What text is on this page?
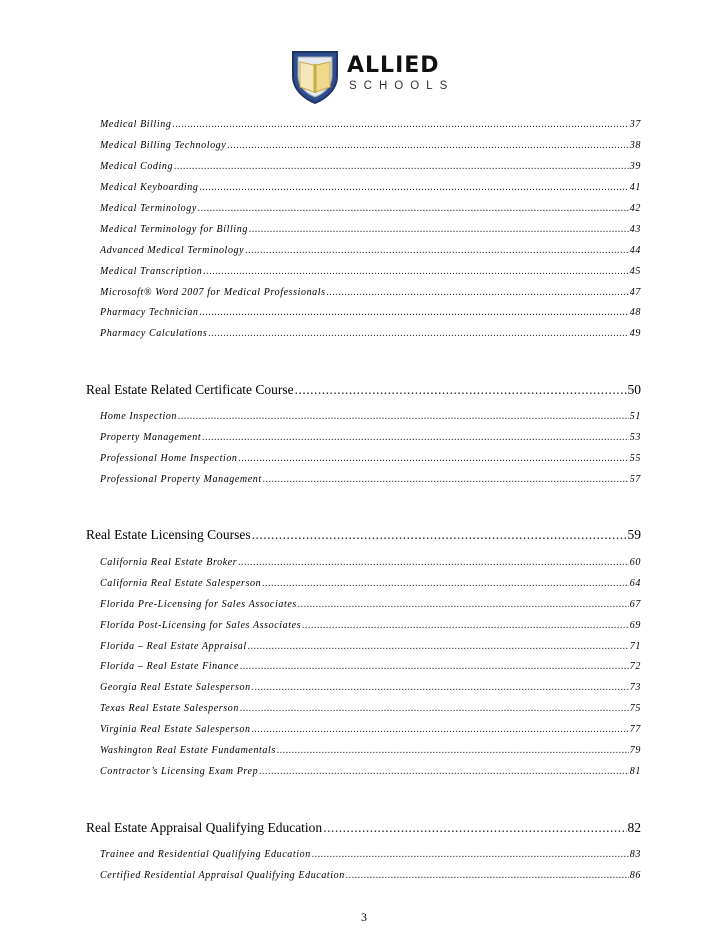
ALLIED
SCHOOLS
Medical Billing .....	37
Medical Billing Technology .....	38
Medical Coding .....	39
Medical Keyboarding .....	41
Medical Terminology .....	42
Medical Terminology for Billing .....	43
Advanced Medical Terminology .....	44
Medical Transcription .....	45
Microsoft® Word 2007 for Medical Professionals .....	47
Pharmacy Technician .....	48
Pharmacy Calculations .....	49
Real Estate Related Certificate Course .....	50
Home Inspection .....	51
Property Management .....	53
Professional Home Inspection .....	55
Professional Property Management .....	57
Real Estate Licensing Courses .....	59
California Real Estate Broker .....	60
California Real Estate Salesperson .....	64
Florida Pre-Licensing for Sales Associates .....	67
Florida Post-Licensing for Sales Associates .....	69
Florida – Real Estate Appraisal .....	71
Florida – Real Estate Finance .....	72
Georgia Real Estate Salesperson .....	73
Texas Real Estate Salesperson .....	75
Virginia Real Estate Salesperson .....	77
Washington Real Estate Fundamentals .....	79
Contractor’s Licensing Exam Prep .....	81
Real Estate Appraisal Qualifying Education .....	82
Trainee and Residential Qualifying Education .....	83
Certified Residential Appraisal Qualifying Education .....	86
3
